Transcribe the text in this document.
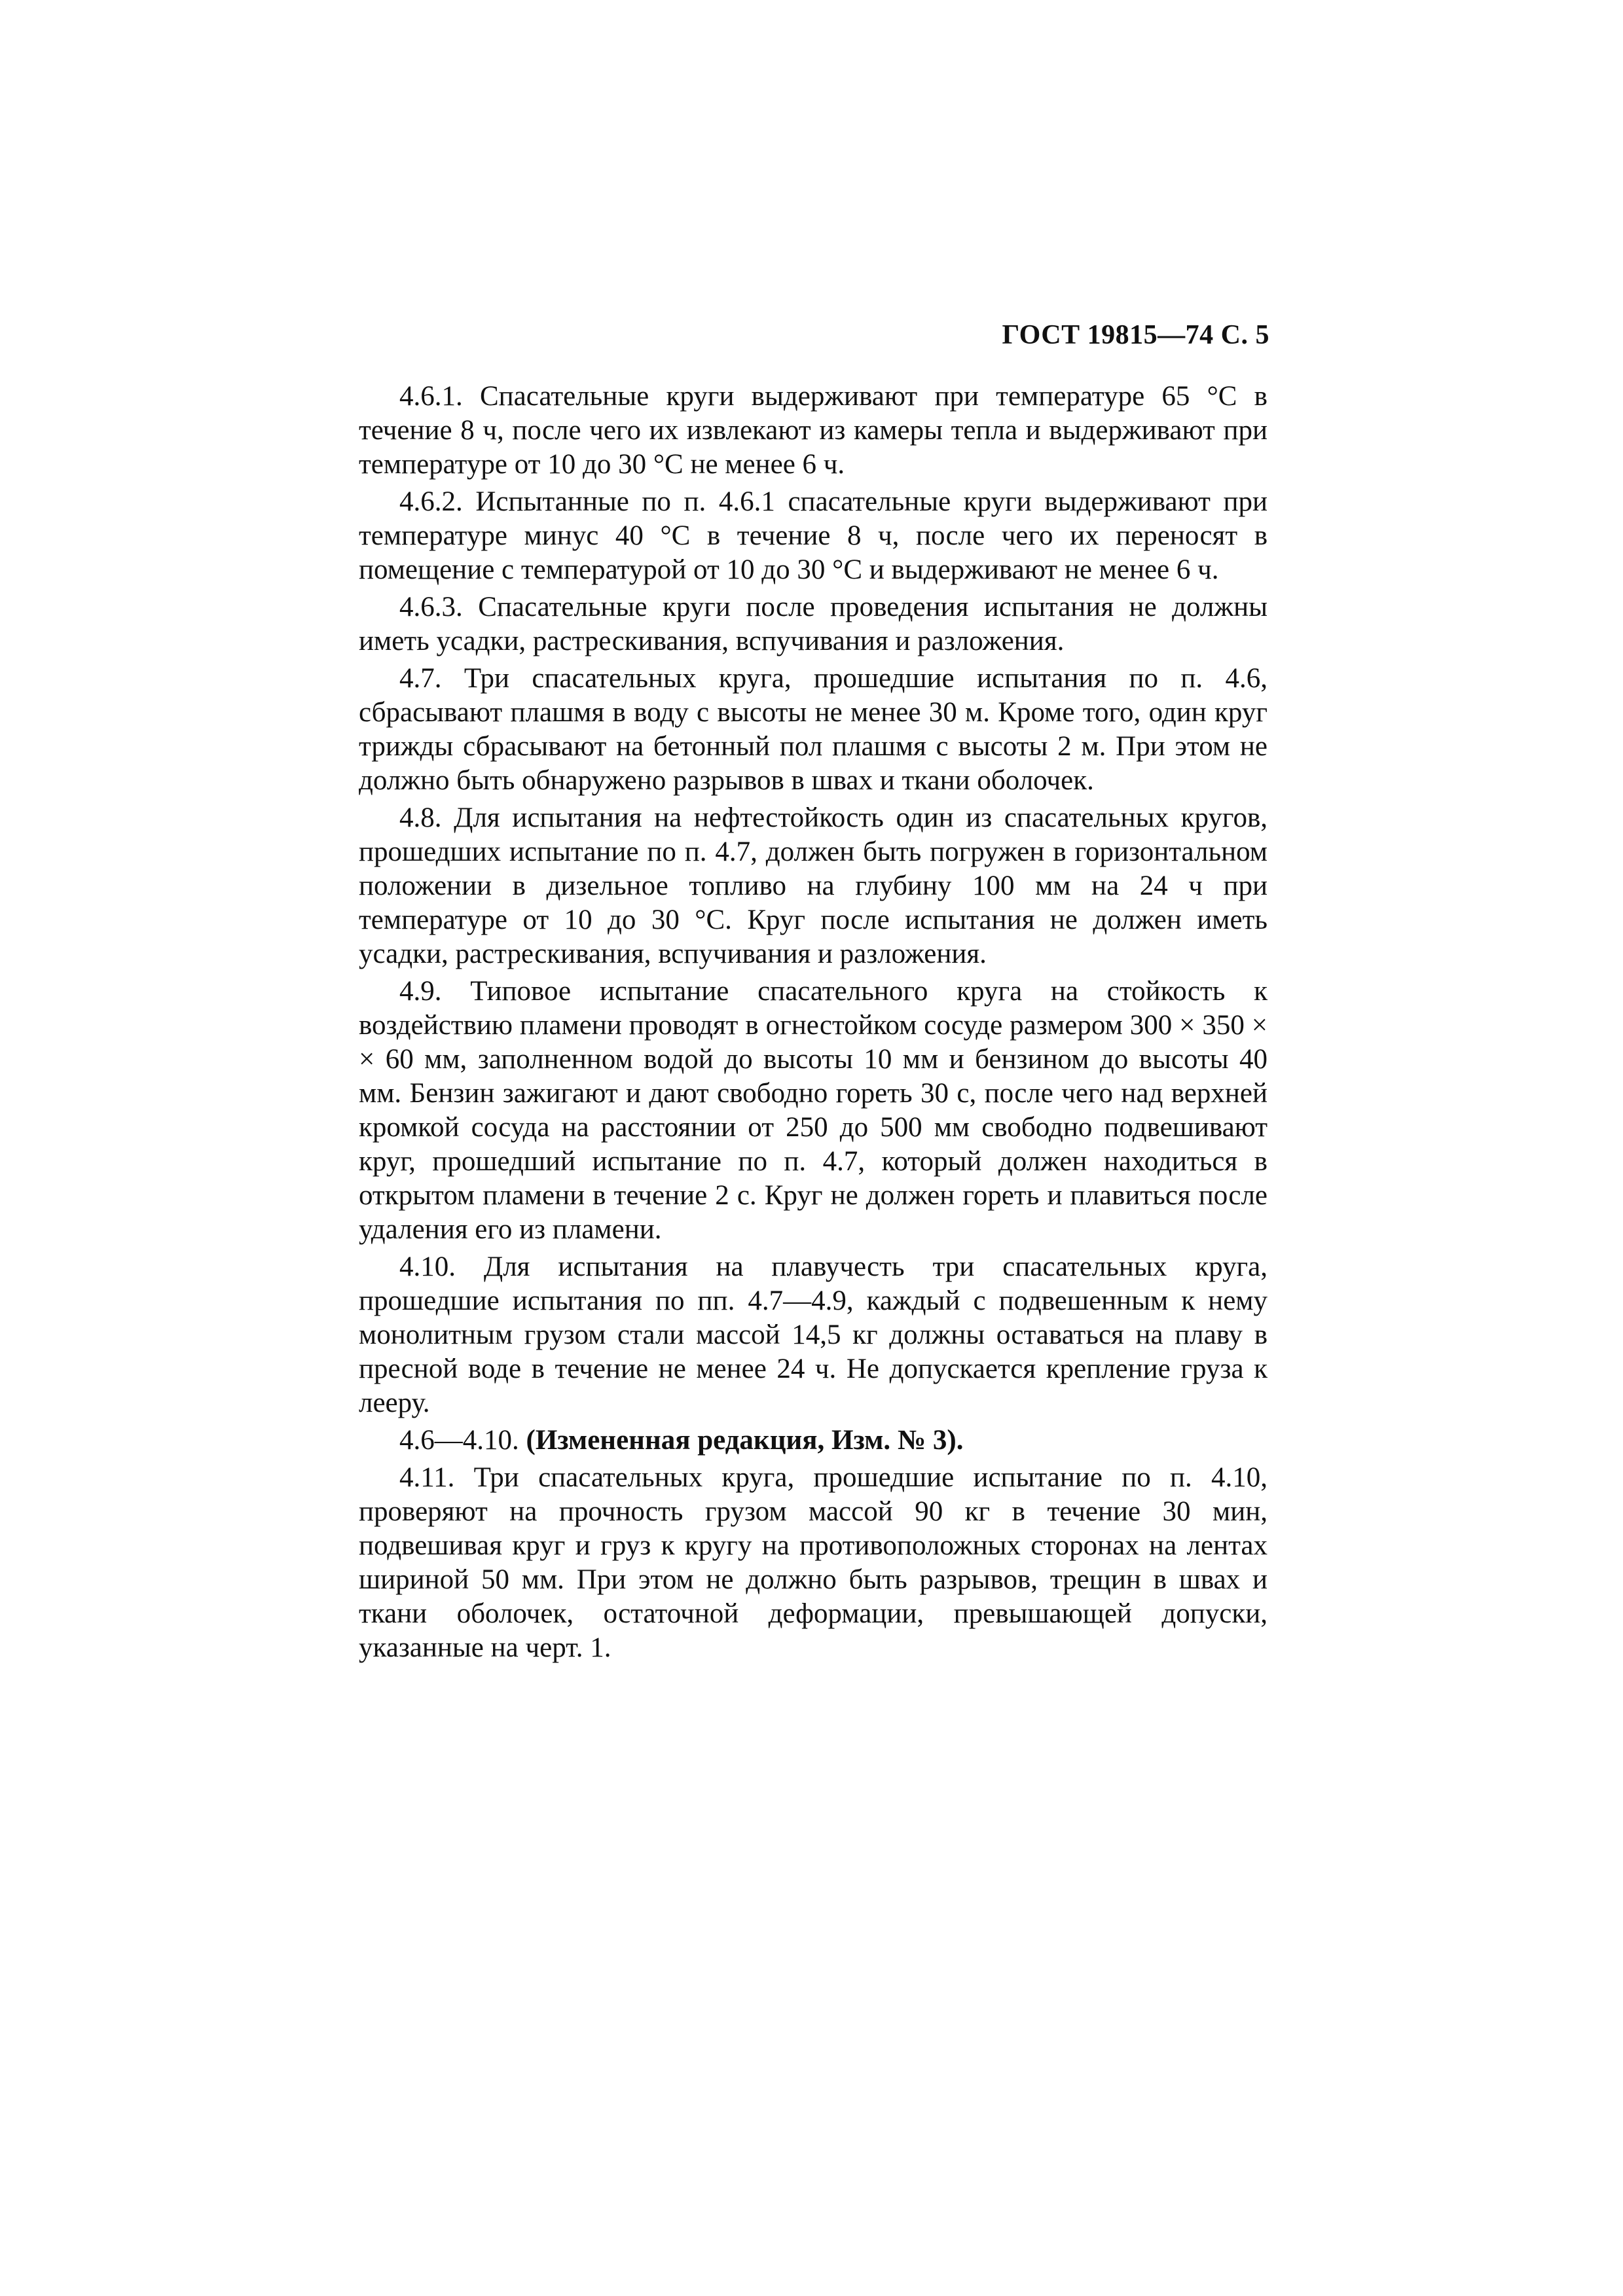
ГОСТ 19815—74 С. 5

4.6.1. Спасательные круги выдерживают при температуре 65 °С в течение 8 ч, после чего их извлекают из камеры тепла и выдерживают при температуре от 10 до 30 °С не менее 6 ч.

4.6.2. Испытанные по п. 4.6.1 спасательные круги выдерживают при температуре минус 40 °С в течение 8 ч, после чего их переносят в помещение с температурой от 10 до 30 °С и выдерживают не менее 6 ч.

4.6.3. Спасательные круги после проведения испытания не должны иметь усадки, растрескивания, вспучивания и разложения.

4.7. Три спасательных круга, прошедшие испытания по п. 4.6, сбрасывают плашмя в воду с высоты не менее 30 м. Кроме того, один круг трижды сбрасывают на бетонный пол плашмя с высоты 2 м. При этом не должно быть обнаружено разрывов в швах и ткани оболочек.

4.8. Для испытания на нефтестойкость один из спасательных кругов, прошедших испытание по п. 4.7, должен быть погружен в горизонтальном положении в дизельное топливо на глубину 100 мм на 24 ч при температуре от 10 до 30 °С. Круг после испытания не должен иметь усадки, растрескивания, вспучивания и разложения.

4.9. Типовое испытание спасательного круга на стойкость к воздействию пламени проводят в огнестойком сосуде размером 300 × 350 × × 60 мм, заполненном водой до высоты 10 мм и бензином до высоты 40 мм. Бензин зажигают и дают свободно гореть 30 с, после чего над верхней кромкой сосуда на расстоянии от 250 до 500 мм свободно подвешивают круг, прошедший испытание по п. 4.7, который должен находиться в открытом пламени в течение 2 с. Круг не должен гореть и плавиться после удаления его из пламени.

4.10. Для испытания на плавучесть три спасательных круга, прошедшие испытания по пп. 4.7—4.9, каждый с подвешенным к нему монолитным грузом стали массой 14,5 кг должны оставаться на плаву в пресной воде в течение не менее 24 ч. Не допускается крепление груза к лееру.

4.6—4.10. (Измененная редакция, Изм. № 3).

4.11. Три спасательных круга, прошедшие испытание по п. 4.10, проверяют на прочность грузом массой 90 кг в течение 30 мин, подвешивая круг и груз к кругу на противоположных сторонах на лентах шириной 50 мм. При этом не должно быть разрывов, трещин в швах и ткани оболочек, остаточной деформации, превышающей допуски, указанные на черт. 1.
